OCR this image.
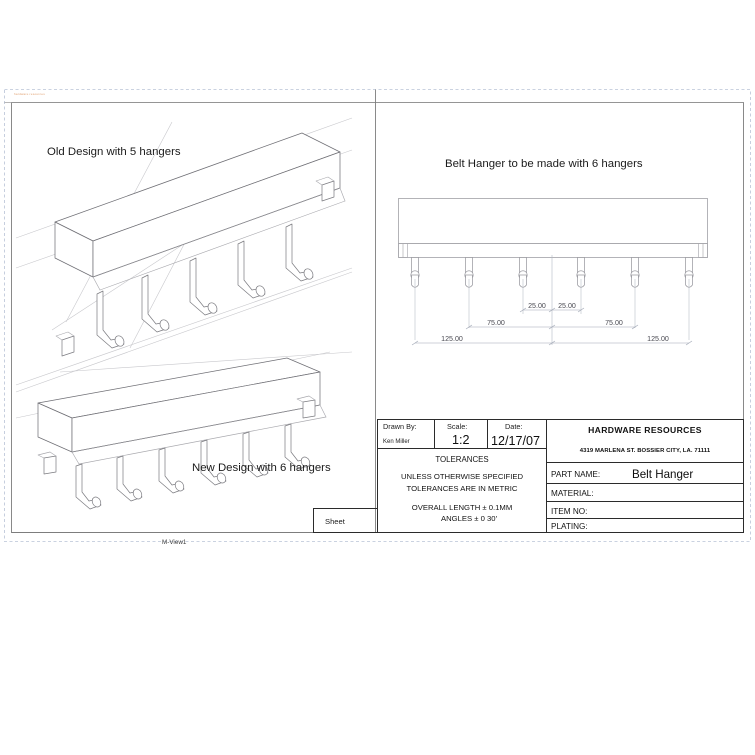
Old Design with 5 hangers
New Design with 6 hangers
Belt Hanger to be made with 6 hangers
25.00 25.00
75.00	75.00
125.00	125.00
Drawn By:
Ken Miller
Scale:
1:2
Date:
12/17/07
TOLERANCES
UNLESS OTHERWISE SPECIFIED
TOLERANCES ARE IN METRIC
OVERALL LENGTH ± 0.1MM
ANGLES ± 0 30'
HARDWARE RESOURCES
4319 MARLENA ST. BOSSIER CITY, LA. 71111
PART NAME:	Belt Hanger
MATERIAL:
ITEM NO:
PLATING:
Sheet
M-View1
hardware resources
